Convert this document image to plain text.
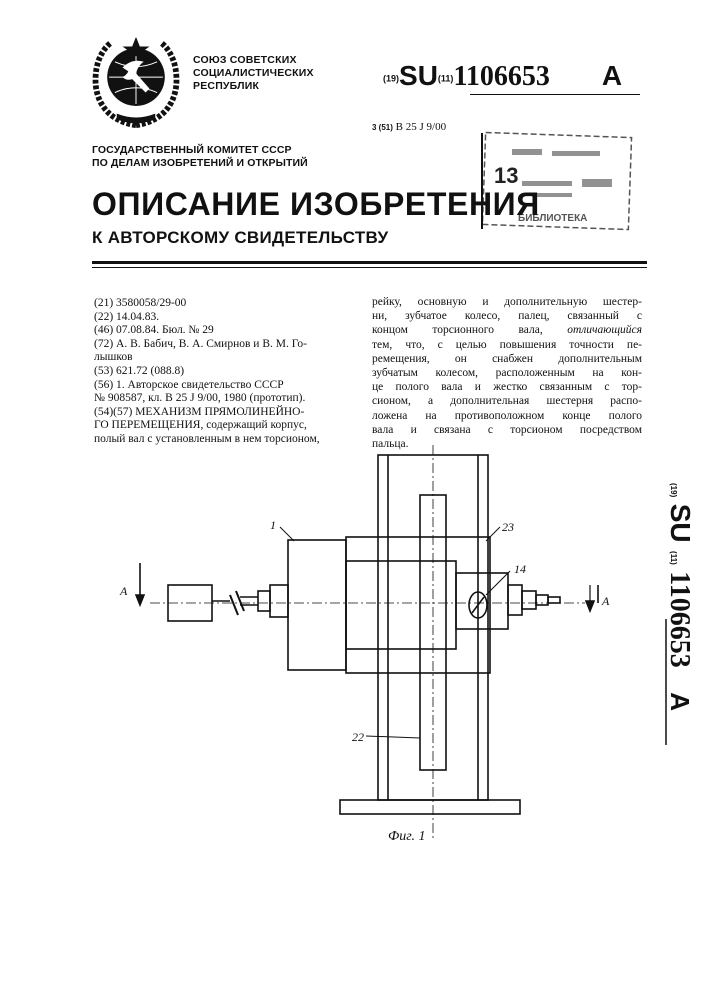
СОЮЗ СОВЕТСКИХ
СОЦИАЛИСТИЧЕСКИХ
РЕСПУБЛИК
(19)SU(11)1106653 A
3 (51) B 25 J 9/00
ГОСУДАРСТВЕННЫЙ КОМИТЕТ СССР
ПО ДЕЛАМ ИЗОБРЕТЕНИЙ И ОТКРЫТИЙ	13
БИБЛИОТЕКА
ОПИСАНИЕ ИЗОБРЕТЕНИЯ
К АВТОРСКОМУ СВИДЕТЕЛЬСТВУ
(21) 3580058/29-00
(22) 14.04.83.
(46) 07.08.84. Бюл. № 29
(72) А. В. Бабич, В. А. Смирнов и В. М. Го-
лышков
(53) 621.72 (088.8)
(56) 1. Авторское свидетельство СССР
№ 908587, кл. В 25 J 9/00, 1980 (прототип).
(54)(57) МЕХАНИЗМ ПРЯМОЛИНЕЙНО-
ГО ПЕРЕМЕЩЕНИЯ, содержащий корпус,
полый вал с установленным в нем торсионом,
рейку, основную и дополнительную шестер-
ни, зубчатое колесо, палец, связанный с
концом торсионного вала, отличающийся
тем, что, с целью повышения точности пе-
ремещения, он снабжен дополнительным
зубчатым колесом, расположенным на кон-
це полого вала и жестко связанным с тор-
сионом, а дополнительная шестерня распо-
ложена на противоположном конце полого
вала и связана с торсионом посредством
пальца.
1	23
14
22
A
A
Фиг. 1
(19) SU (11) 1106653 A
